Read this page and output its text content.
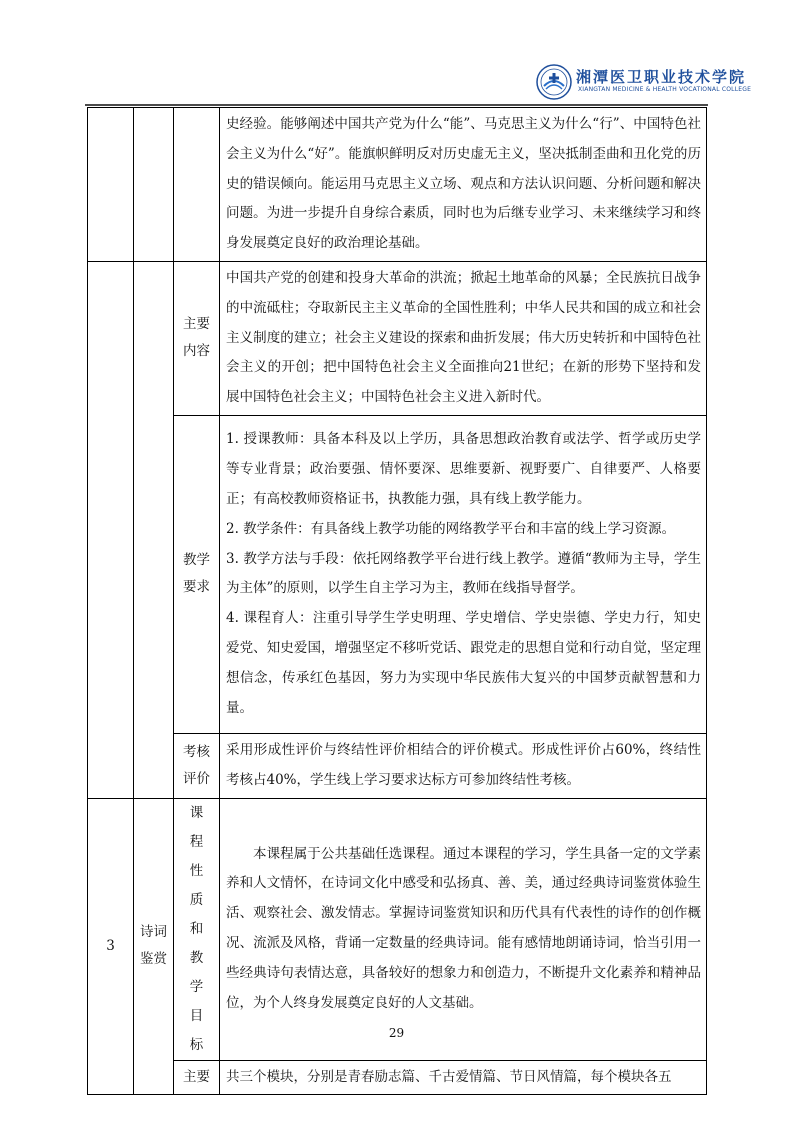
湘潭医卫职业技术学院
XIANGTAN MEDICINE & HEALTH VOCATIONAL COLLEGE

			史经验。能够阐述中国共产党为什么“能”、马克思主义为什么“行”、中国特色社会主义为什么“好”。能旗帜鲜明反对历史虚无主义，坚决抵制歪曲和丑化党的历史的错误倾向。能运用马克思主义立场、观点和方法认识问题、分析问题和解决问题。为进一步提升自身综合素质，同时也为后继专业学习、未来继续学习和终身发展奠定良好的政治理论基础。

		主要内容	中国共产党的创建和投身大革命的洪流；掀起土地革命的风暴；全民族抗日战争的中流砥柱；夺取新民主主义革命的全国性胜利；中华人民共和国的成立和社会主义制度的建立；社会主义建设的探索和曲折发展；伟大历史转折和中国特色社会主义的开创；把中国特色社会主义全面推向21世纪；在新的形势下坚持和发展中国特色社会主义；中国特色社会主义进入新时代。

		教学要求	1. 授课教师：具备本科及以上学历，具备思想政治教育或法学、哲学或历史学等专业背景；政治要强、情怀要深、思维要新、视野要广、自律要严、人格要正；有高校教师资格证书，执教能力强，具有线上教学能力。

2. 教学条件：有具备线上教学功能的网络教学平台和丰富的线上学习资源。

3. 教学方法与手段：依托网络教学平台进行线上教学。遵循“教师为主导，学生为主体”的原则，以学生自主学习为主，教师在线指导督学。

4. 课程育人：注重引导学生学史明理、学史增信、学史崇德、学史力行，知史爱党、知史爱国，增强坚定不移听党话、跟党走的思想自觉和行动自觉，坚定理想信念，传承红色基因，努力为实现中华民族伟大复兴的中国梦贡献智慧和力量。

		考核评价	采用形成性评价与终结性评价相结合的评价模式。形成性评价占60%，终结性考核占40%，学生线上学习要求达标方可参加终结性考核。

3	诗词鉴赏	课程性质和教学目标	本课程属于公共基础任选课程。通过本课程的学习，学生具备一定的文学素养和人文情怀，在诗词文化中感受和弘扬真、善、美，通过经典诗词鉴赏体验生活、观察社会、激发情志。掌握诗词鉴赏知识和历代具有代表性的诗作的创作概况、流派及风格，背诵一定数量的经典诗词。能有感情地朗诵诗词，恰当引用一些经典诗句表情达意，具备较好的想象力和创造力，不断提升文化素养和精神品位，为个人终身发展奠定良好的人文基础。

		主要	共三个模块，分别是青春励志篇、千古爱情篇、节日风情篇，每个模块各五

29
